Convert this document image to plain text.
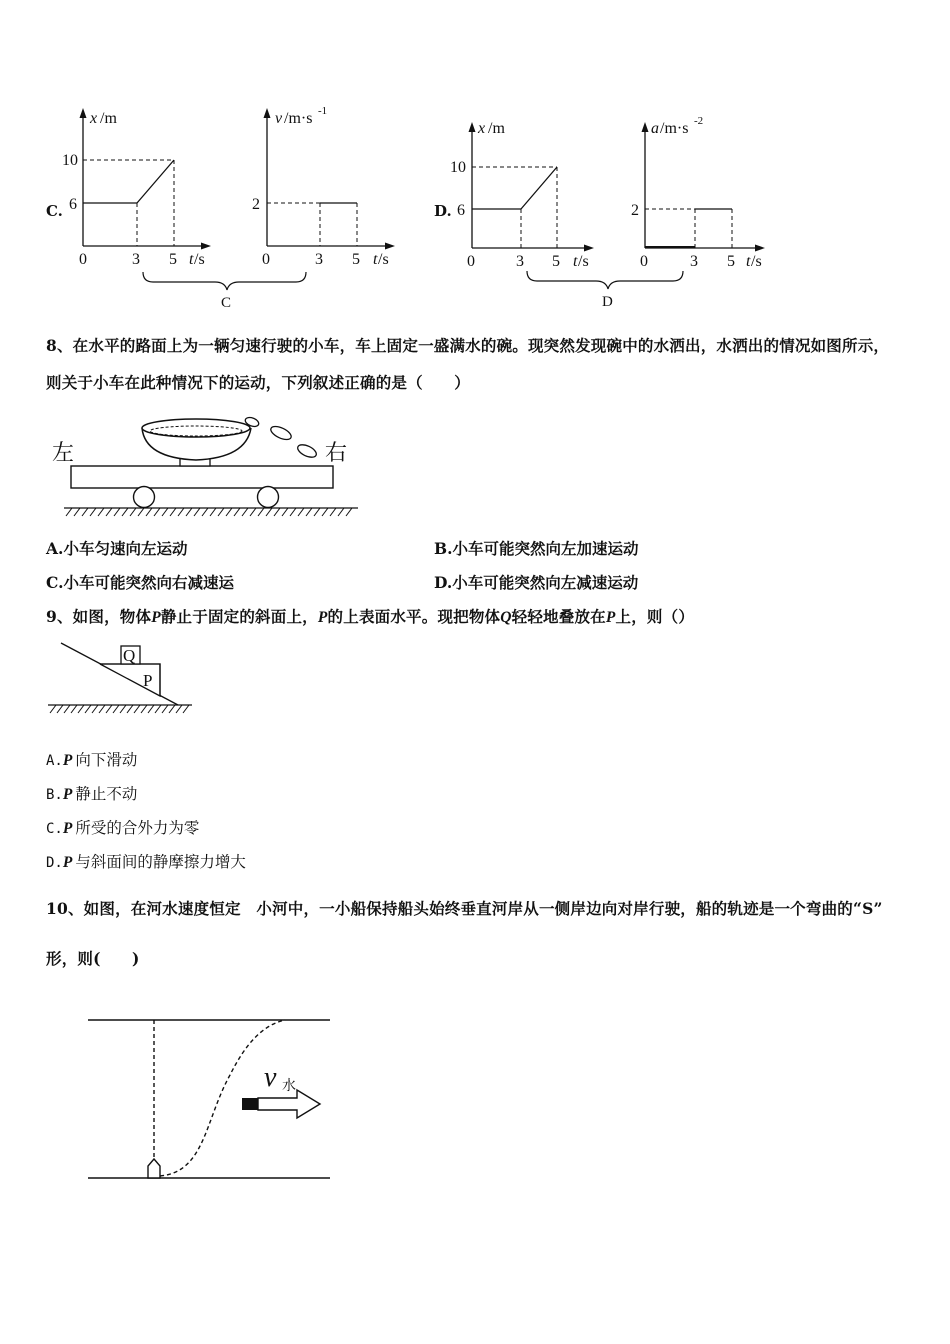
C.
x /m
10
6
0	3 5 t /s
v /m·s -1
2
0	3 5 t /s
C
D.
x /m
10
6
0	3 5 t /s
a /m·s -2
2
0	3 5 t /s
D
8、在水平的路面上为一辆匀速行驶的小车，车上固定一盛满水的碗。现突然发现碗中的水洒出，水洒出的情况如图所示，
则关于小车在此种情况下的运动，下列叙述正确的是（　　）
左	右
A.小车匀速向左运动	B.小车可能突然向左加速运动
C.小车可能突然向右减速运	D.小车可能突然向左减速运动
9、如图，物体P静止于固定的斜面上，P的上表面水平。现把物体Q轻轻地叠放在P上，则（）
Q
P
A.P 向下滑动
B.P 静止不动
C.P 所受的合外力为零
D.P 与斜面间的静摩擦力增大
10、如图，在河水速度恒定　小河中，一小船保持船头始终垂直河岸从一侧岸边向对岸行驶，船的轨迹是一个弯曲的“S”
形，则(　　)
v 水
